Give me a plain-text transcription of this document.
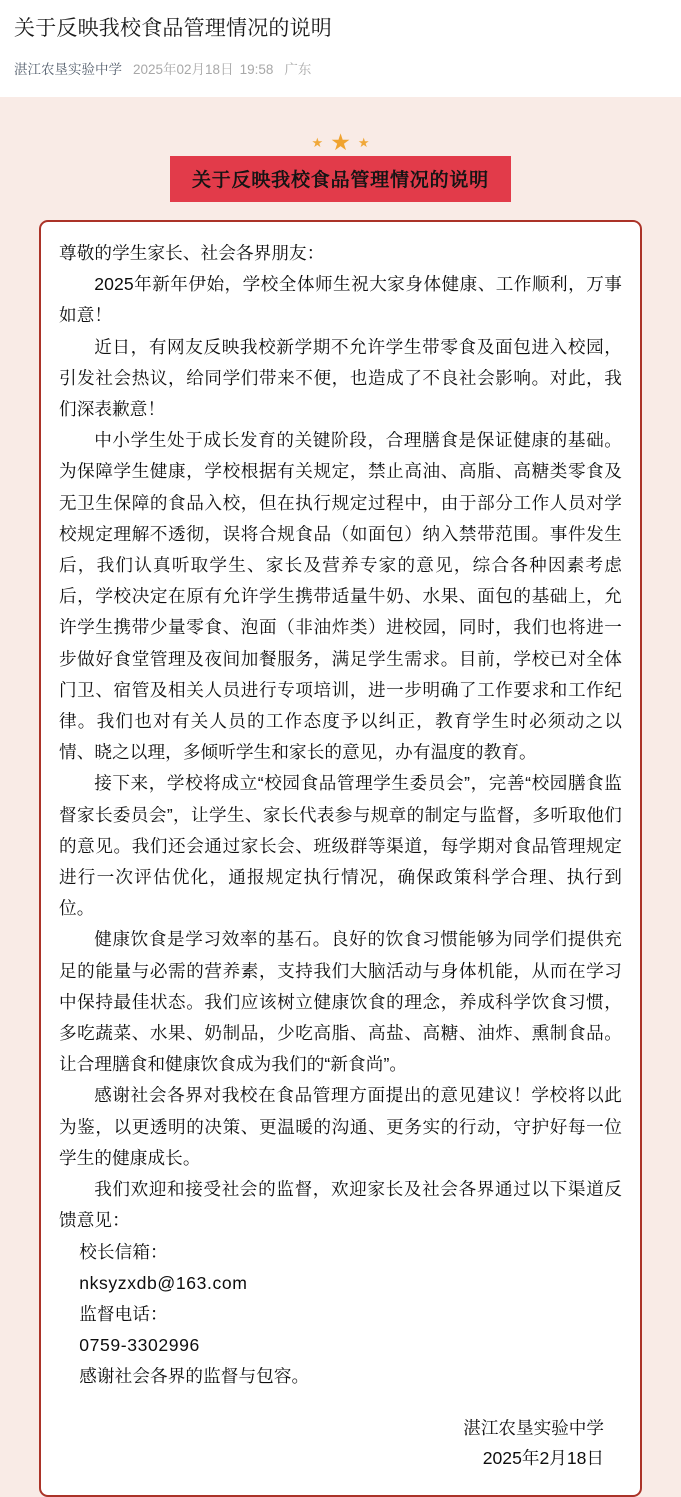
关于反映我校食品管理情况的说明
湛江农垦实验中学 2025年02月18日 19:58 广东
★ ★ ★
关于反映我校食品管理情况的说明

尊敬的学生家长、社会各界朋友：

2025年新年伊始，学校全体师生祝大家身体健康、工作顺利，万事如意！

近日，有网友反映我校新学期不允许学生带零食及面包进入校园，引发社会热议，给同学们带来不便，也造成了不良社会影响。对此，我们深表歉意！

中小学生处于成长发育的关键阶段，合理膳食是保证健康的基础。为保障学生健康，学校根据有关规定，禁止高油、高脂、高糖类零食及无卫生保障的食品入校，但在执行规定过程中，由于部分工作人员对学校规定理解不透彻，误将合规食品（如面包）纳入禁带范围。事件发生后，我们认真听取学生、家长及营养专家的意见，综合各种因素考虑后，学校决定在原有允许学生携带适量牛奶、水果、面包的基础上，允许学生携带少量零食、泡面（非油炸类）进校园，同时，我们也将进一步做好食堂管理及夜间加餐服务，满足学生需求。目前，学校已对全体门卫、宿管及相关人员进行专项培训，进一步明确了工作要求和工作纪律。我们也对有关人员的工作态度予以纠正，教育学生时必须动之以情、晓之以理，多倾听学生和家长的意见，办有温度的教育。

接下来，学校将成立“校园食品管理学生委员会”，完善“校园膳食监督家长委员会”，让学生、家长代表参与规章的制定与监督，多听取他们的意见。我们还会通过家长会、班级群等渠道，每学期对食品管理规定进行一次评估优化，通报规定执行情况，确保政策科学合理、执行到位。

健康饮食是学习效率的基石。良好的饮食习惯能够为同学们提供充足的能量与必需的营养素，支持我们大脑活动与身体机能，从而在学习中保持最佳状态。我们应该树立健康饮食的理念，养成科学饮食习惯，多吃蔬菜、水果、奶制品，少吃高脂、高盐、高糖、油炸、熏制食品。让合理膳食和健康饮食成为我们的“新食尚”。

感谢社会各界对我校在食品管理方面提出的意见建议！学校将以此为鉴，以更透明的决策、更温暖的沟通、更务实的行动，守护好每一位学生的健康成长。

我们欢迎和接受社会的监督，欢迎家长及社会各界通过以下渠道反馈意见：

校长信箱：

nksyzxdb@163.com

监督电话：

0759-3302996

感谢社会各界的监督与包容。

湛江农垦实验中学
2025年2月18日
